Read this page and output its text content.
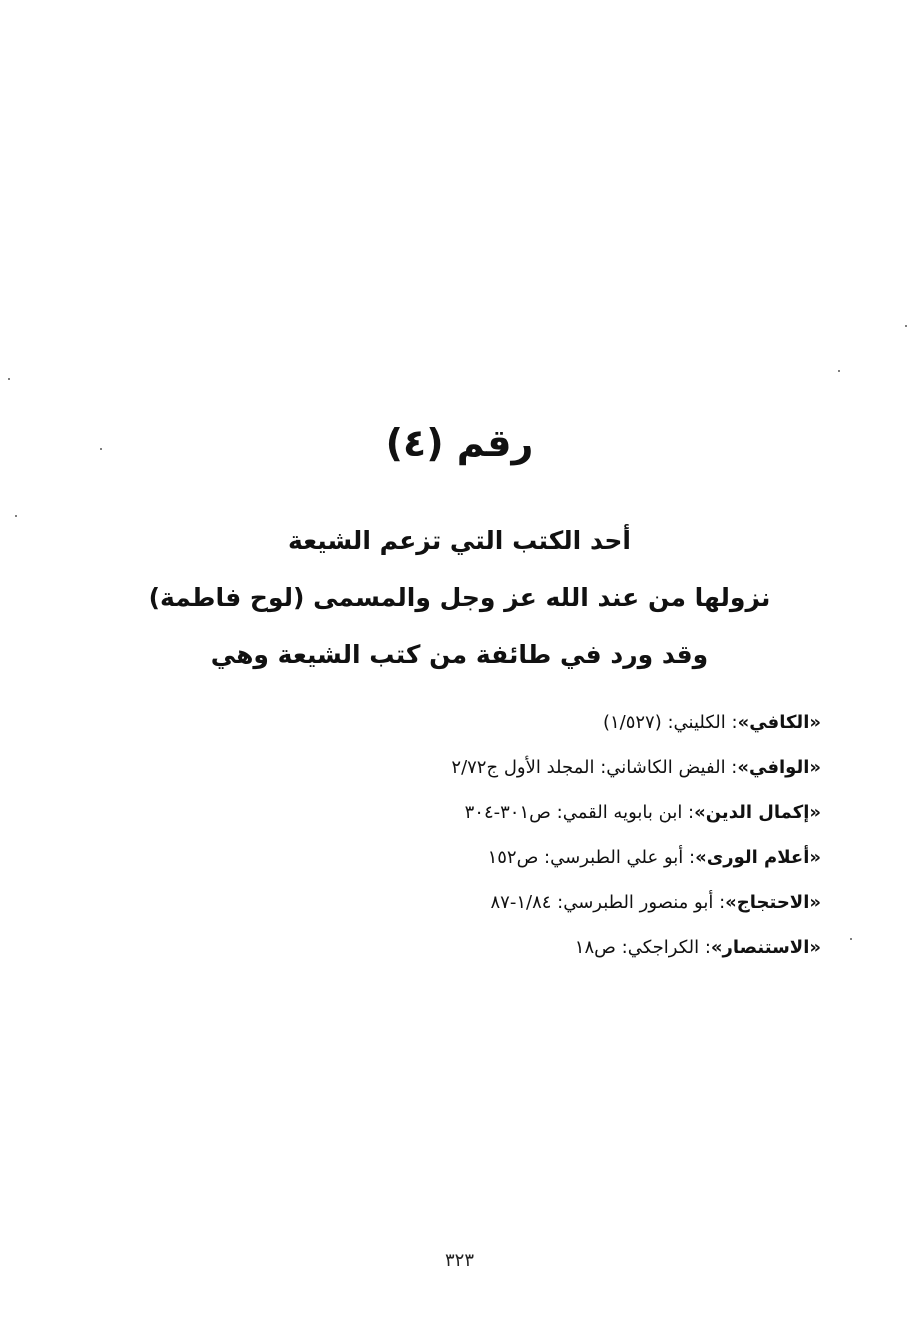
رقم (٤)
أحد الكتب التي تزعم الشيعة
نزولها من عند الله عز وجل والمسمى (لوح فاطمة)
وقد ورد في طائفة من كتب الشيعة وهي
«الكافي»: الكليني: (١/٥٢٧)
«الوافي»: الفيض الكاشاني: المجلد الأول ج٢/٧٢
«إكمال الدين»: ابن بابويه القمي: ص٣٠١-٣٠٤
«أعلام الورى»: أبو علي الطبرسي: ص١٥٢
«الاحتجاج»: أبو منصور الطبرسي: ١/٨٤-٨٧
«الاستنصار»: الكراجكي: ص١٨
٣٢٣
